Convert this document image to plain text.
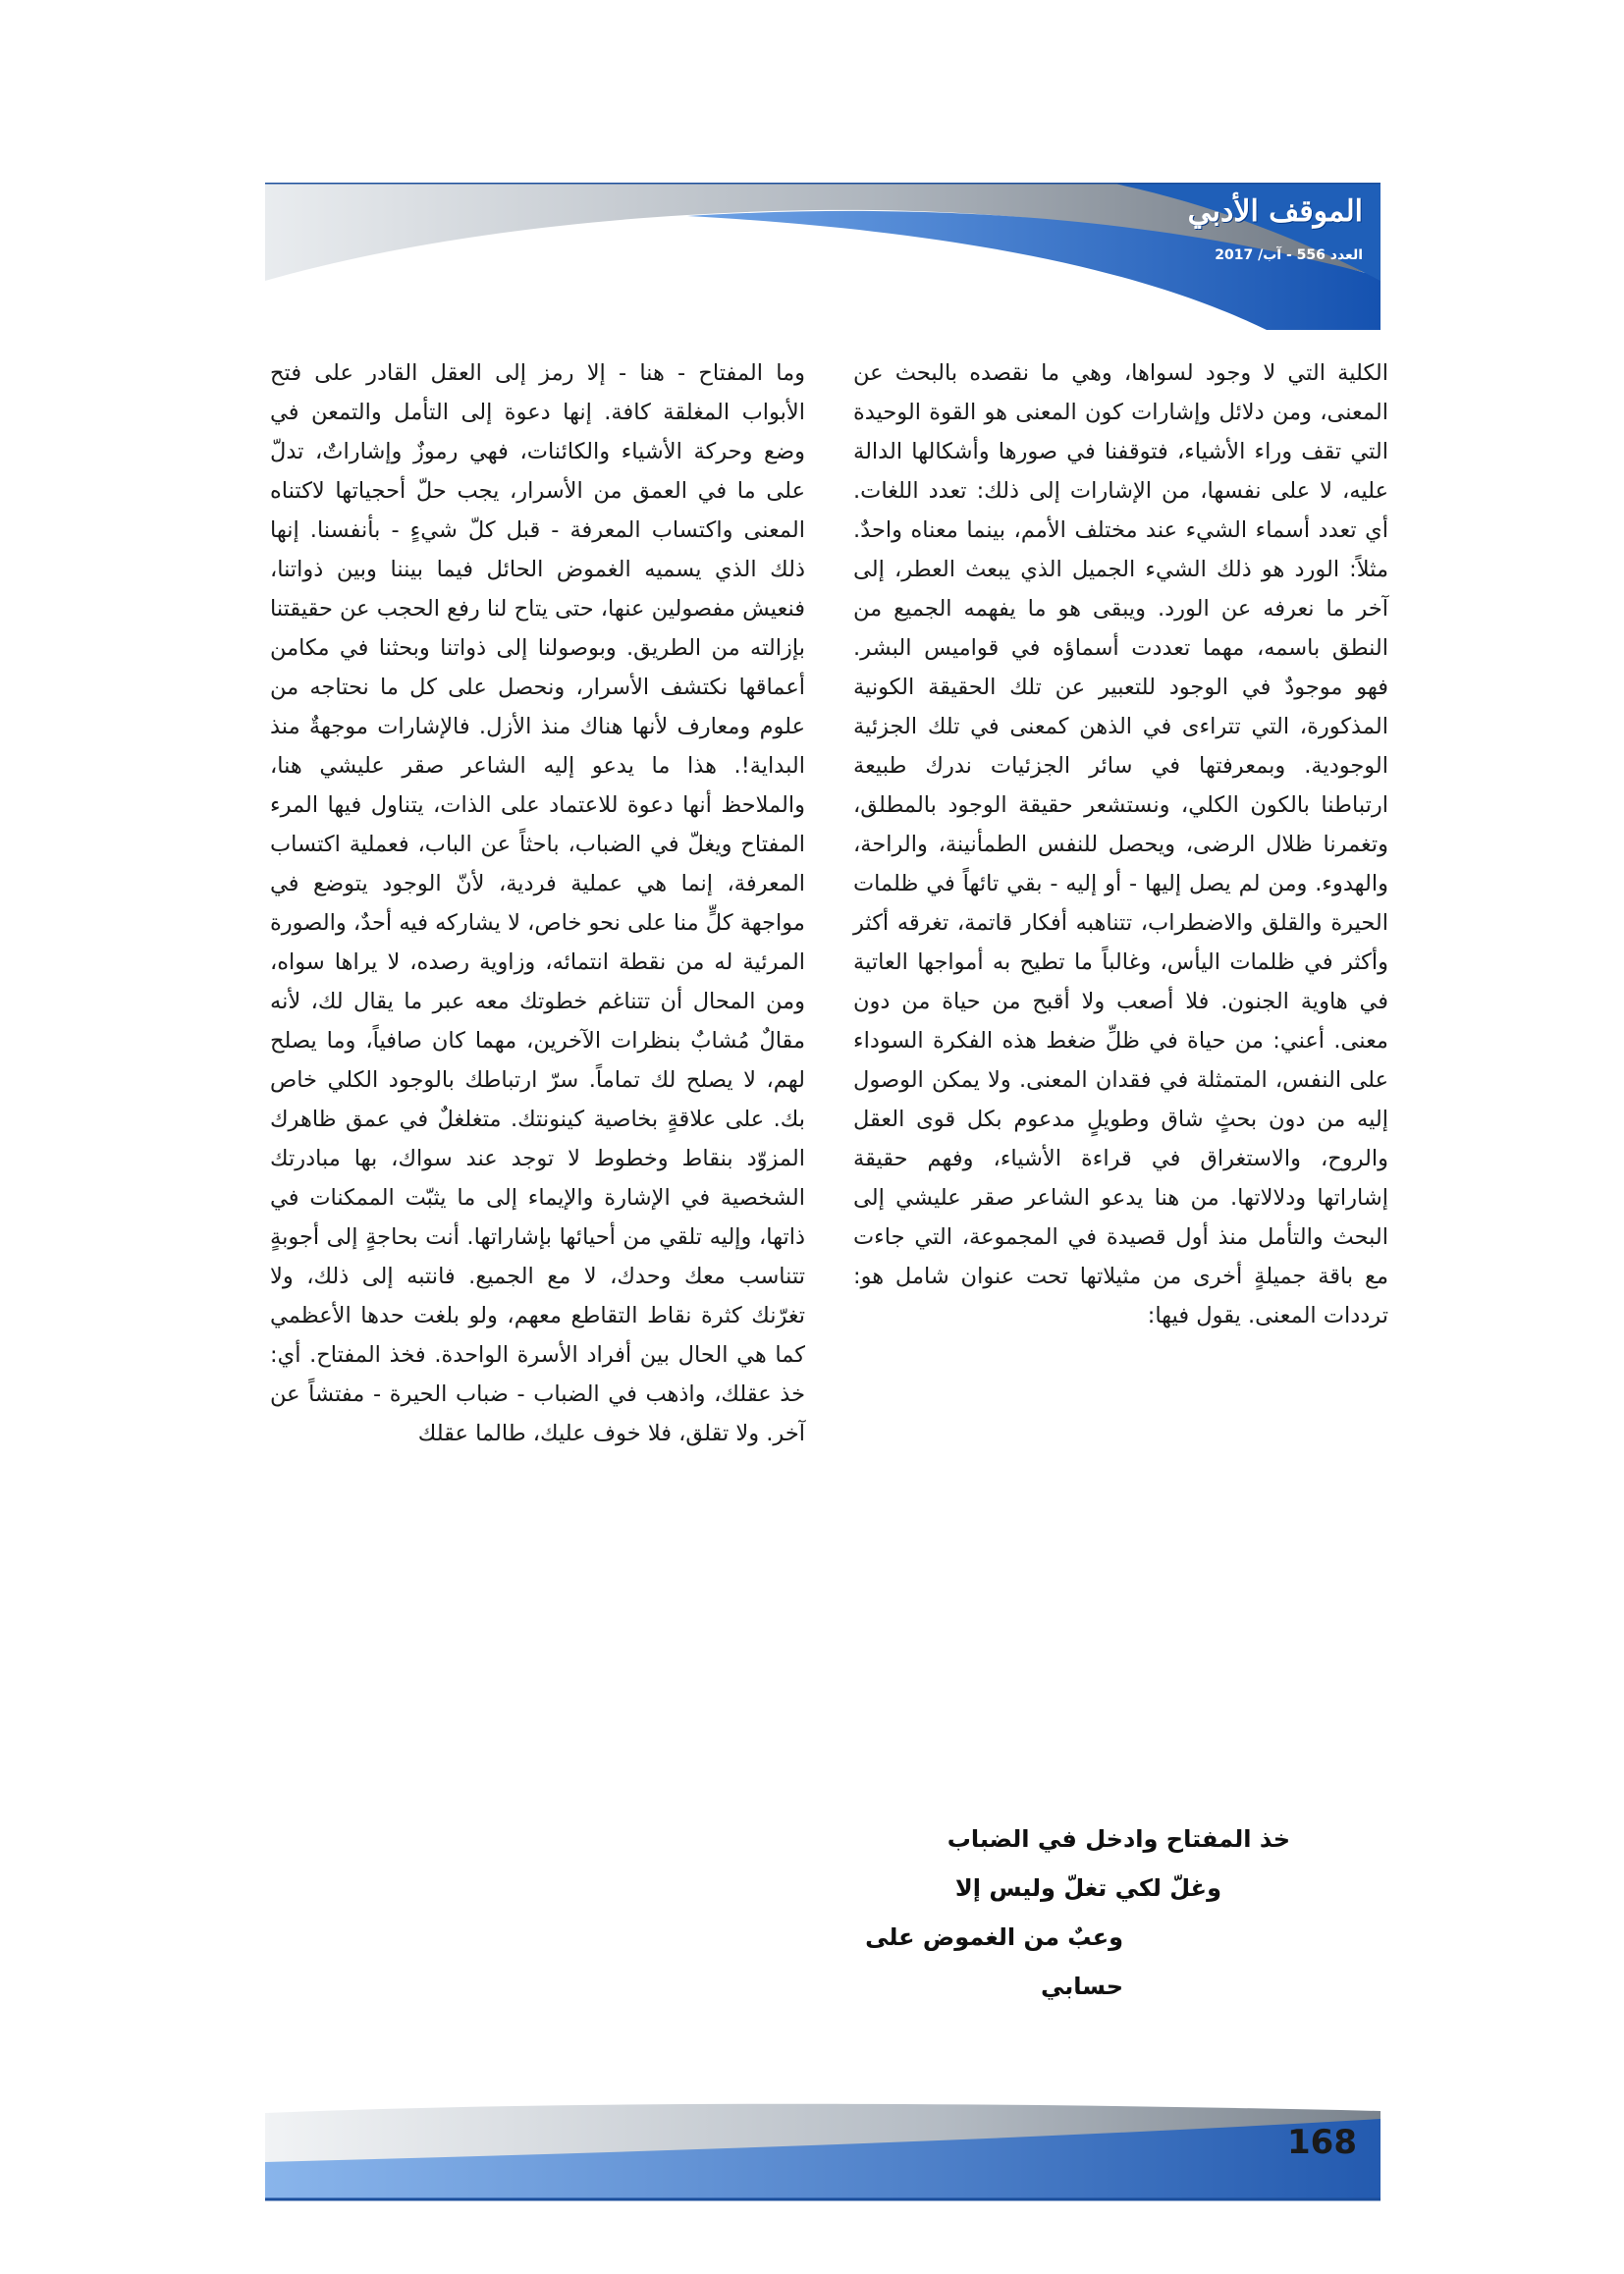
الموقف الأدبي
العدد 556 - آب/ 2017

الكلية التي لا وجود لسواها، وهي ما نقصده بالبحث عن المعنى، ومن دلائل وإشارات كون المعنى هو القوة الوحيدة التي تقف وراء الأشياء، فتوقفنا في صورها وأشكالها الدالة عليه، لا على نفسها، من الإشارات إلى ذلك: تعدد اللغات. أي تعدد أسماء الشيء عند مختلف الأمم، بينما معناه واحدٌ. مثلاً: الورد هو ذلك الشيء الجميل الذي يبعث العطر، إلى آخر ما نعرفه عن الورد. ويبقى هو ما يفهمه الجميع من النطق باسمه، مهما تعددت أسماؤه في قواميس البشر. فهو موجودٌ في الوجود للتعبير عن تلك الحقيقة الكونية المذكورة، التي تتراءى في الذهن كمعنى في تلك الجزئية الوجودية. وبمعرفتها في سائر الجزئيات ندرك طبيعة ارتباطنا بالكون الكلي، ونستشعر حقيقة الوجود بالمطلق، وتغمرنا ظلال الرضى، ويحصل للنفس الطمأنينة، والراحة، والهدوء. ومن لم يصل إليها - أو إليه - بقي تائهاً في ظلمات الحيرة والقلق والاضطراب، تتناهبه أفكار قاتمة، تغرقه أكثر وأكثر في ظلمات اليأس، وغالباً ما تطيح به أمواجها العاتية في هاوية الجنون. فلا أصعب ولا أقبح من حياة من دون معنى. أعني: من حياة في ظلِّ ضغط هذه الفكرة السوداء على النفس، المتمثلة في فقدان المعنى. ولا يمكن الوصول إليه من دون بحثٍ شاق وطويلٍ مدعوم بكل قوى العقل والروح، والاستغراق في قراءة الأشياء، وفهم حقيقة إشاراتها ودلالاتها. من هنا يدعو الشاعر صقر عليشي إلى البحث والتأمل منذ أول قصيدة في المجموعة، التي جاءت مع باقة جميلةٍ أخرى من مثيلاتها تحت عنوان شامل هو: ترددات المعنى. يقول فيها:

وما المفتاح - هنا - إلا رمز إلى العقل القادر على فتح الأبواب المغلقة كافة. إنها دعوة إلى التأمل والتمعن في وضع وحركة الأشياء والكائنات، فهي رموزٌ وإشاراتٌ، تدلّ على ما في العمق من الأسرار، يجب حلّ أحجياتها لاكتناه المعنى واكتساب المعرفة - قبل كلّ شيءٍ - بأنفسنا. إنها ذلك الذي يسميه الغموض الحائل فيما بيننا وبين ذواتنا، فنعيش مفصولين عنها، حتى يتاح لنا رفع الحجب عن حقيقتنا بإزالته من الطريق. وبوصولنا إلى ذواتنا وبحثنا في مكامن أعماقها نكتشف الأسرار، ونحصل على كل ما نحتاجه من علوم ومعارف لأنها هناك منذ الأزل. فالإشارات موجهةٌ منذ البداية!. هذا ما يدعو إليه الشاعر صقر عليشي هنا، والملاحظ أنها دعوة للاعتماد على الذات، يتناول فيها المرء المفتاح ويغلّ في الضباب، باحثاً عن الباب، فعملية اكتساب المعرفة، إنما هي عملية فردية، لأنّ الوجود يتوضع في مواجهة كلٍّ منا على نحو خاص، لا يشاركه فيه أحدٌ، والصورة المرئية له من نقطة انتمائه، وزاوية رصده، لا يراها سواه، ومن المحال أن تتناغم خطوتك معه عبر ما يقال لك، لأنه مقالٌ مُشابٌ بنظرات الآخرين، مهما كان صافياً، وما يصلح لهم، لا يصلح لك تماماً. سرّ ارتباطك بالوجود الكلي خاص بك. على علاقةٍ بخاصية كينونتك. متغلغلٌ في عمق ظاهرك المزوّد بنقاط وخطوط لا توجد عند سواك، بها مبادرتك الشخصية في الإشارة والإيماء إلى ما يثبّت الممكنات في ذاتها، وإليه تلقي من أحيائها بإشاراتها. أنت بحاجةٍ إلى أجوبةٍ تتناسب معك وحدك، لا مع الجميع. فانتبه إلى ذلك، ولا تغرّنك كثرة نقاط التقاطع معهم، ولو بلغت حدها الأعظمي كما هي الحال بين أفراد الأسرة الواحدة. فخذ المفتاح. أي: خذ عقلك، واذهب في الضباب - ضباب الحيرة - مفتشاً عن آخر. ولا تقلق، فلا خوف عليك، طالما عقلك

خذ المفتاح وادخل في الضباب
وغلّ لكي تغلّ وليس إلا
وعبٌ من الغموض على حسابي
168
